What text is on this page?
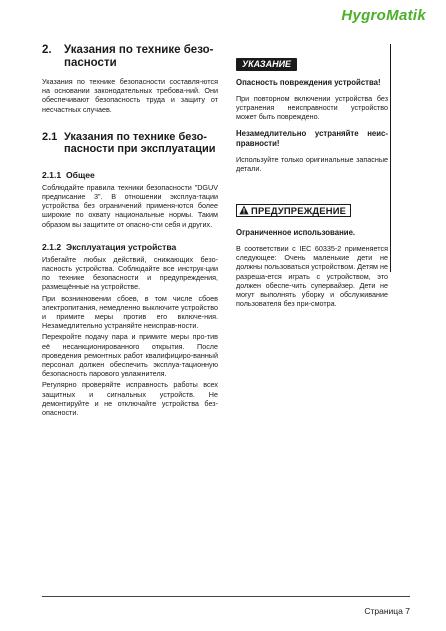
HygroMatik
2.	Указания по технике безо-
пасности

Указания по технике безопасности составля-ются на основании законодательных требова-ний. Они обеспечивают безопасность труда и защиту от несчастных случаев.

2.1 Указания по технике безо-пасности при эксплуатации
2.1.1 Общее

Соблюдайте правила техники безопасности "DGUV предписание 3". В отношении эксплуа-тации устройства без ограничений применя-ются более широкие по охвату национальные нормы. Таким образом вы защитите от опасно-сти себя и других.

2.1.2 Эксплуатация устройства

Избегайте любых действий, снижающих безо-пасность устройства. Соблюдайте все инструк-ции по технике безопасности и предупреждения, размещённые на устройстве.

При возникновении сбоев, в том числе сбоев электропитания, немедленно выключите устройство и примите меры против его включе-ния. Незамедлительно устраняйте неисправ-ности.

Перекройте подачу пара и примите меры про-тив её несанкционированного открытия. После проведения ремонтных работ квалифициро-ванный персонал должен обеспечить эксплуа-тационную безопасность парового увлажнителя.

Регулярно проверяйте исправность работы всех защитных и сигнальных устройств. Не демонтируйте и не отключайте устройства без-опасности.

УКАЗАНИЕ

Опасность повреждения устройства!

При повторном включении устройства без устранения неисправности устройство может быть повреждено.

Незамедлительно устраняйте неис-правности!

Используйте только оригинальные запасные детали.

ПРЕДУПРЕЖДЕНИЕ

Ограниченное использование.

В соответствии с IEC 60335-2 применяется следующее: Очень маленькие дети не должны пользоваться устройством. Детям не разреша-ется играть с устройством, это должен обеспе-чить супервайзер. Дети не могут выполнять уборку и обслуживание пользователя без при-смотра.

Страница 7
